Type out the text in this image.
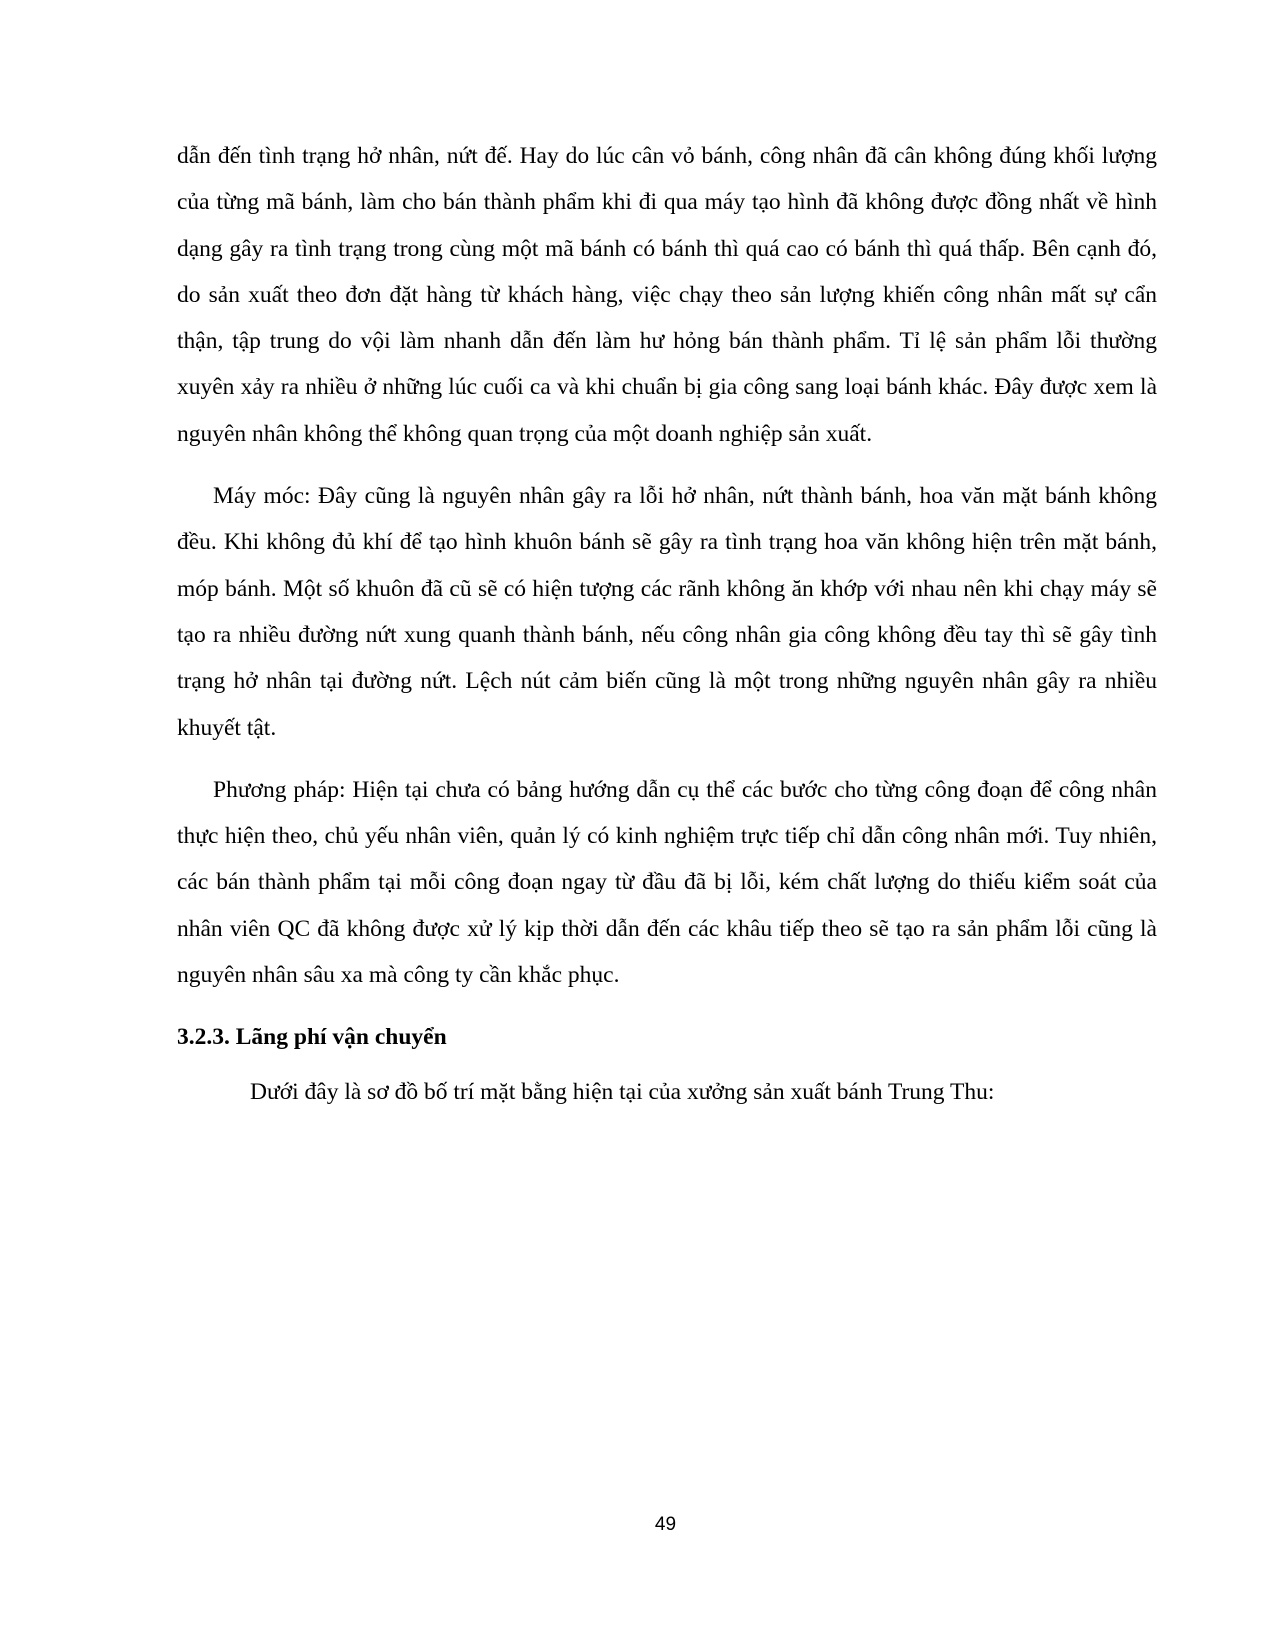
dẫn đến tình trạng hở nhân, nứt đế. Hay do lúc cân vỏ bánh, công nhân đã cân không đúng khối lượng của từng mã bánh, làm cho bán thành phẩm khi đi qua máy tạo hình đã không được đồng nhất về hình dạng gây ra tình trạng trong cùng một mã bánh có bánh thì quá cao có bánh thì quá thấp. Bên cạnh đó, do sản xuất theo đơn đặt hàng từ khách hàng, việc chạy theo sản lượng khiến công nhân mất sự cẩn thận, tập trung do vội làm nhanh dẫn đến làm hư hỏng bán thành phẩm. Tỉ lệ sản phẩm lỗi thường xuyên xảy ra nhiều ở những lúc cuối ca và khi chuẩn bị gia công sang loại bánh khác. Đây được xem là nguyên nhân không thể không quan trọng của một doanh nghiệp sản xuất.

Máy móc: Đây cũng là nguyên nhân gây ra lỗi hở nhân, nứt thành bánh, hoa văn mặt bánh không đều. Khi không đủ khí để tạo hình khuôn bánh sẽ gây ra tình trạng hoa văn không hiện trên mặt bánh, móp bánh. Một số khuôn đã cũ sẽ có hiện tượng các rãnh không ăn khớp với nhau nên khi chạy máy sẽ tạo ra nhiều đường nứt xung quanh thành bánh, nếu công nhân gia công không đều tay thì sẽ gây tình trạng hở nhân tại đường nứt. Lệch nút cảm biến cũng là một trong những nguyên nhân gây ra nhiều khuyết tật.

Phương pháp: Hiện tại chưa có bảng hướng dẫn cụ thể các bước cho từng công đoạn để công nhân thực hiện theo, chủ yếu nhân viên, quản lý có kinh nghiệm trực tiếp chỉ dẫn công nhân mới. Tuy nhiên, các bán thành phẩm tại mỗi công đoạn ngay từ đầu đã bị lỗi, kém chất lượng do thiếu kiểm soát của nhân viên QC đã không được xử lý kịp thời dẫn đến các khâu tiếp theo sẽ tạo ra sản phẩm lỗi cũng là nguyên nhân sâu xa mà công ty cần khắc phục.

3.2.3. Lãng phí vận chuyển

Dưới đây là sơ đồ bố trí mặt bằng hiện tại của xưởng sản xuất bánh Trung Thu:

49
